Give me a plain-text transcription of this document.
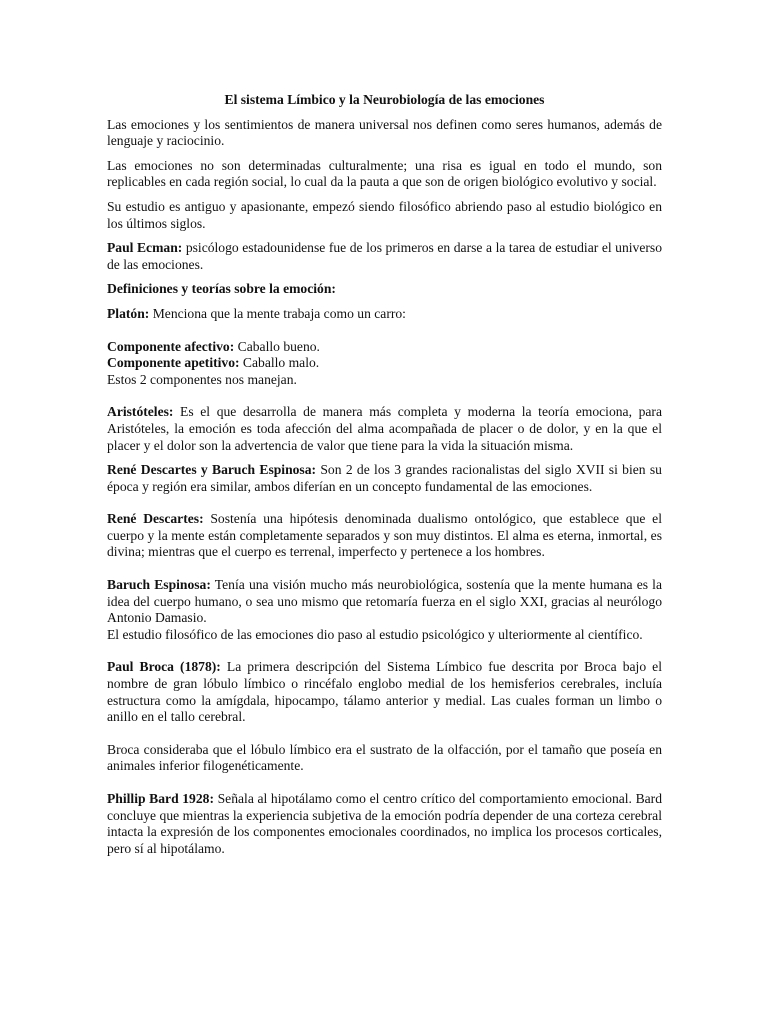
El sistema Límbico y la Neurobiología de las emociones

Las emociones y los sentimientos de manera universal nos definen como seres humanos, además de lenguaje y raciocinio.

Las emociones no son determinadas culturalmente; una risa es igual en todo el mundo, son replicables en cada región social, lo cual da la pauta a que son de origen biológico evolutivo y social.

Su estudio es antiguo y apasionante, empezó siendo filosófico abriendo paso al estudio biológico en los últimos siglos.

Paul Ecman: psicólogo estadounidense fue de los primeros en darse a la tarea de estudiar el universo de las emociones.

Definiciones y teorías sobre la emoción:

Platón: Menciona que la mente trabaja como un carro:

Componente afectivo: Caballo bueno.

Componente apetitivo: Caballo malo.

Estos 2 componentes nos manejan.

Aristóteles: Es el que desarrolla de manera más completa y moderna la teoría emociona, para Aristóteles, la emoción es toda afección del alma acompañada de placer o de dolor, y en la que el placer y el dolor son la advertencia de valor que tiene para la vida la situación misma.

René Descartes y Baruch Espinosa: Son 2 de los 3 grandes racionalistas del siglo XVII si bien su época y región era similar, ambos diferían en un concepto fundamental de las emociones.

René Descartes: Sostenía una hipótesis denominada dualismo ontológico, que establece que el cuerpo y la mente están completamente separados y son muy distintos. El alma es eterna, inmortal, es divina; mientras que el cuerpo es terrenal, imperfecto y pertenece a los hombres.

Baruch Espinosa: Tenía una visión mucho más neurobiológica, sostenía que la mente humana es la idea del cuerpo humano, o sea uno mismo que retomaría fuerza en el siglo XXI, gracias al neurólogo Antonio Damasio.

El estudio filosófico de las emociones dio paso al estudio psicológico y ulteriormente al científico.

Paul Broca (1878): La primera descripción del Sistema Límbico fue descrita por Broca bajo el nombre de gran lóbulo límbico o rincéfalo englobo medial de los hemisferios cerebrales, incluía estructura como la amígdala, hipocampo, tálamo anterior y medial. Las cuales forman un limbo o anillo en el tallo cerebral.

Broca consideraba que el lóbulo límbico era el sustrato de la olfacción, por el tamaño que poseía en animales inferior filogenéticamente.

Phillip Bard 1928: Señala al hipotálamo como el centro crítico del comportamiento emocional. Bard concluye que mientras la experiencia subjetiva de la emoción podría depender de una corteza cerebral intacta la expresión de los componentes emocionales coordinados, no implica los procesos corticales, pero sí al hipotálamo.
